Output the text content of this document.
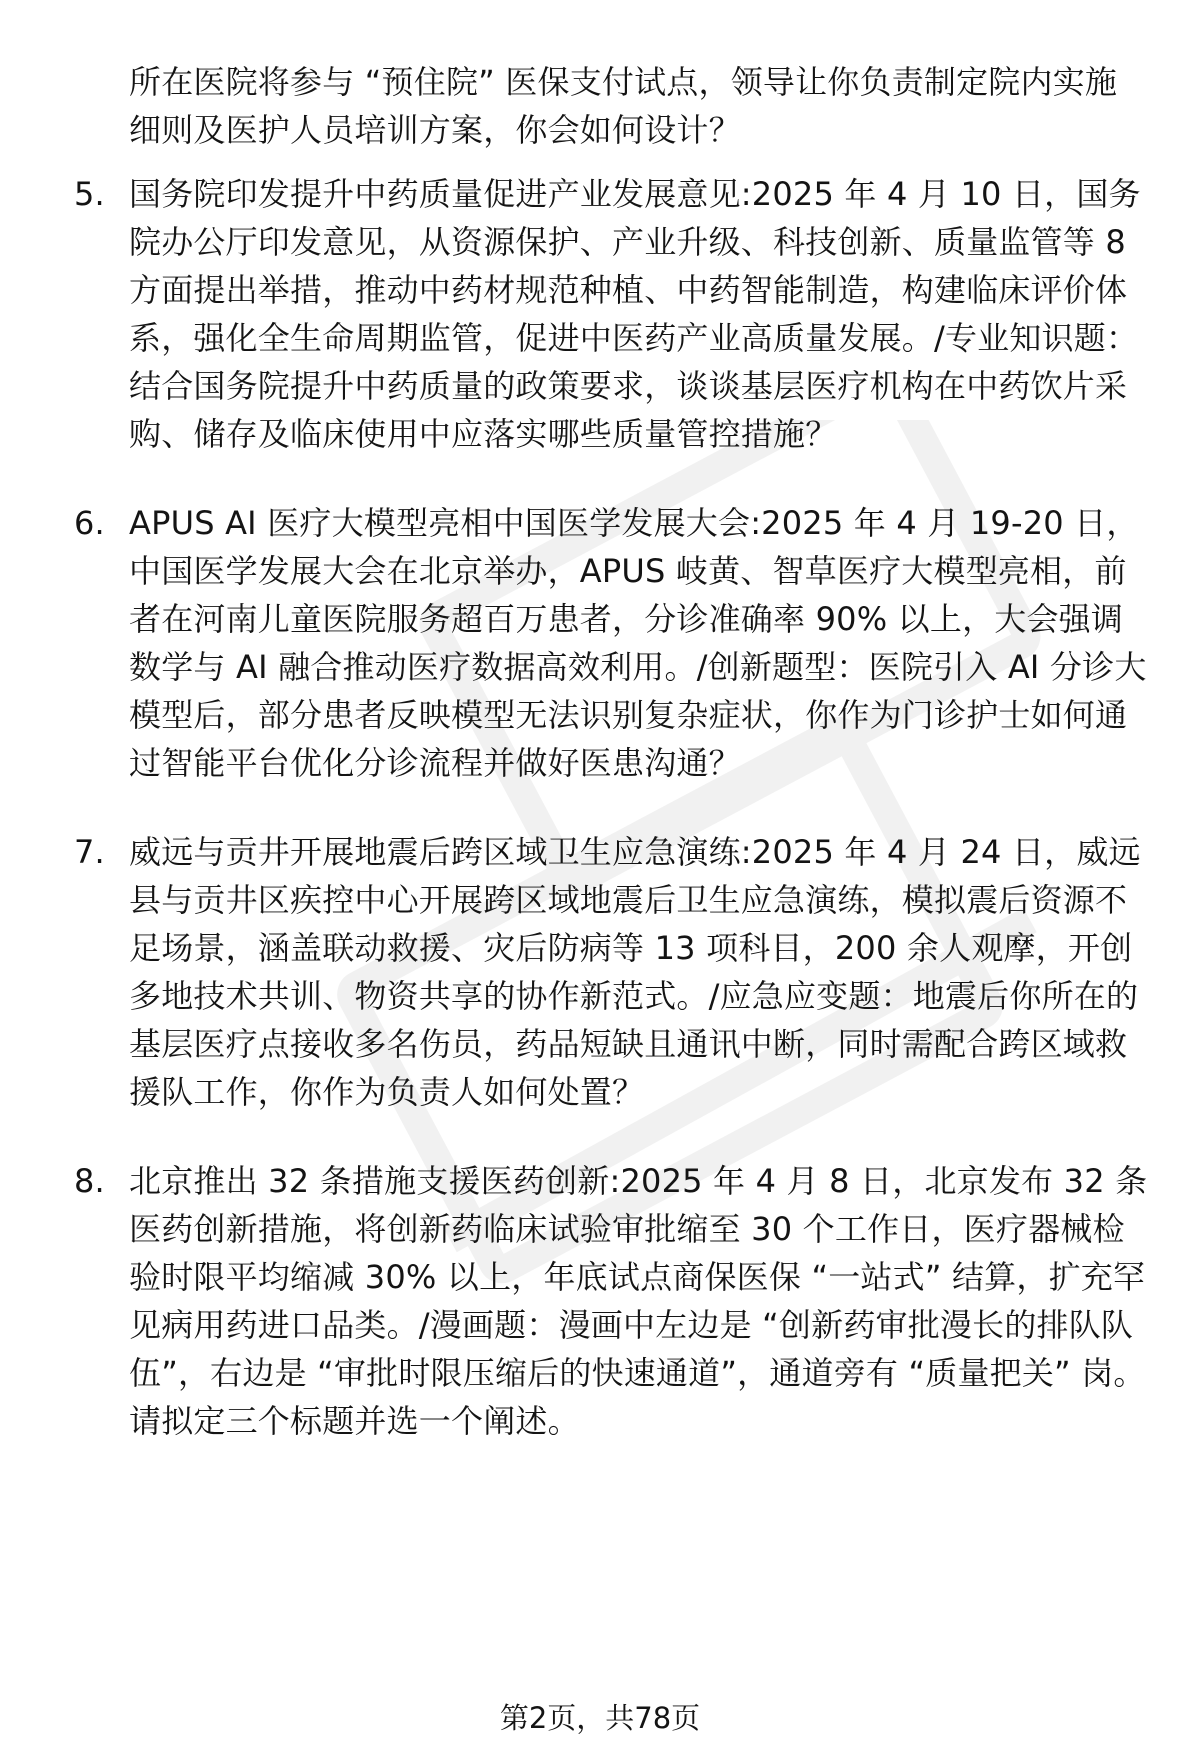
所在医院将参与 “预住院” 医保支付试点，领导让你负责制定院内实施细则及医护人员培训方案，你会如何设计？

5. 国务院印发提升中药质量促进产业发展意见:2025 年 4 月 10 日，国务院办公厅印发意见，从资源保护、产业升级、科技创新、质量监管等 8 方面提出举措，推动中药材规范种植、中药智能制造，构建临床评价体系，强化全生命周期监管，促进中医药产业高质量发展。/专业知识题：结合国务院提升中药质量的政策要求，谈谈基层医疗机构在中药饮片采购、储存及临床使用中应落实哪些质量管控措施？
6. APUS AI 医疗大模型亮相中国医学发展大会:2025 年 4 月 19-20 日，中国医学发展大会在北京举办，APUS 岐黄、智草医疗大模型亮相，前者在河南儿童医院服务超百万患者，分诊准确率 90% 以上，大会强调数学与 AI 融合推动医疗数据高效利用。/创新题型：医院引入 AI 分诊大模型后，部分患者反映模型无法识别复杂症状，你作为门诊护士如何通过智能平台优化分诊流程并做好医患沟通？
7. 威远与贡井开展地震后跨区域卫生应急演练:2025 年 4 月 24 日，威远县与贡井区疾控中心开展跨区域地震后卫生应急演练，模拟震后资源不足场景，涵盖联动救援、灾后防病等 13 项科目，200 余人观摩，开创多地技术共训、物资共享的协作新范式。/应急应变题：地震后你所在的基层医疗点接收多名伤员，药品短缺且通讯中断，同时需配合跨区域救援队工作，你作为负责人如何处置？
8. 北京推出 32 条措施支援医药创新:2025 年 4 月 8 日，北京发布 32 条医药创新措施，将创新药临床试验审批缩至 30 个工作日，医疗器械检验时限平均缩减 30% 以上，年底试点商保医保 “一站式” 结算，扩充罕见病用药进口品类。/漫画题：漫画中左边是 “创新药审批漫长的排队队伍”，右边是 “审批时限压缩后的快速通道”，通道旁有 “质量把关” 岗。请拟定三个标题并选一个阐述。
第2页，共78页
